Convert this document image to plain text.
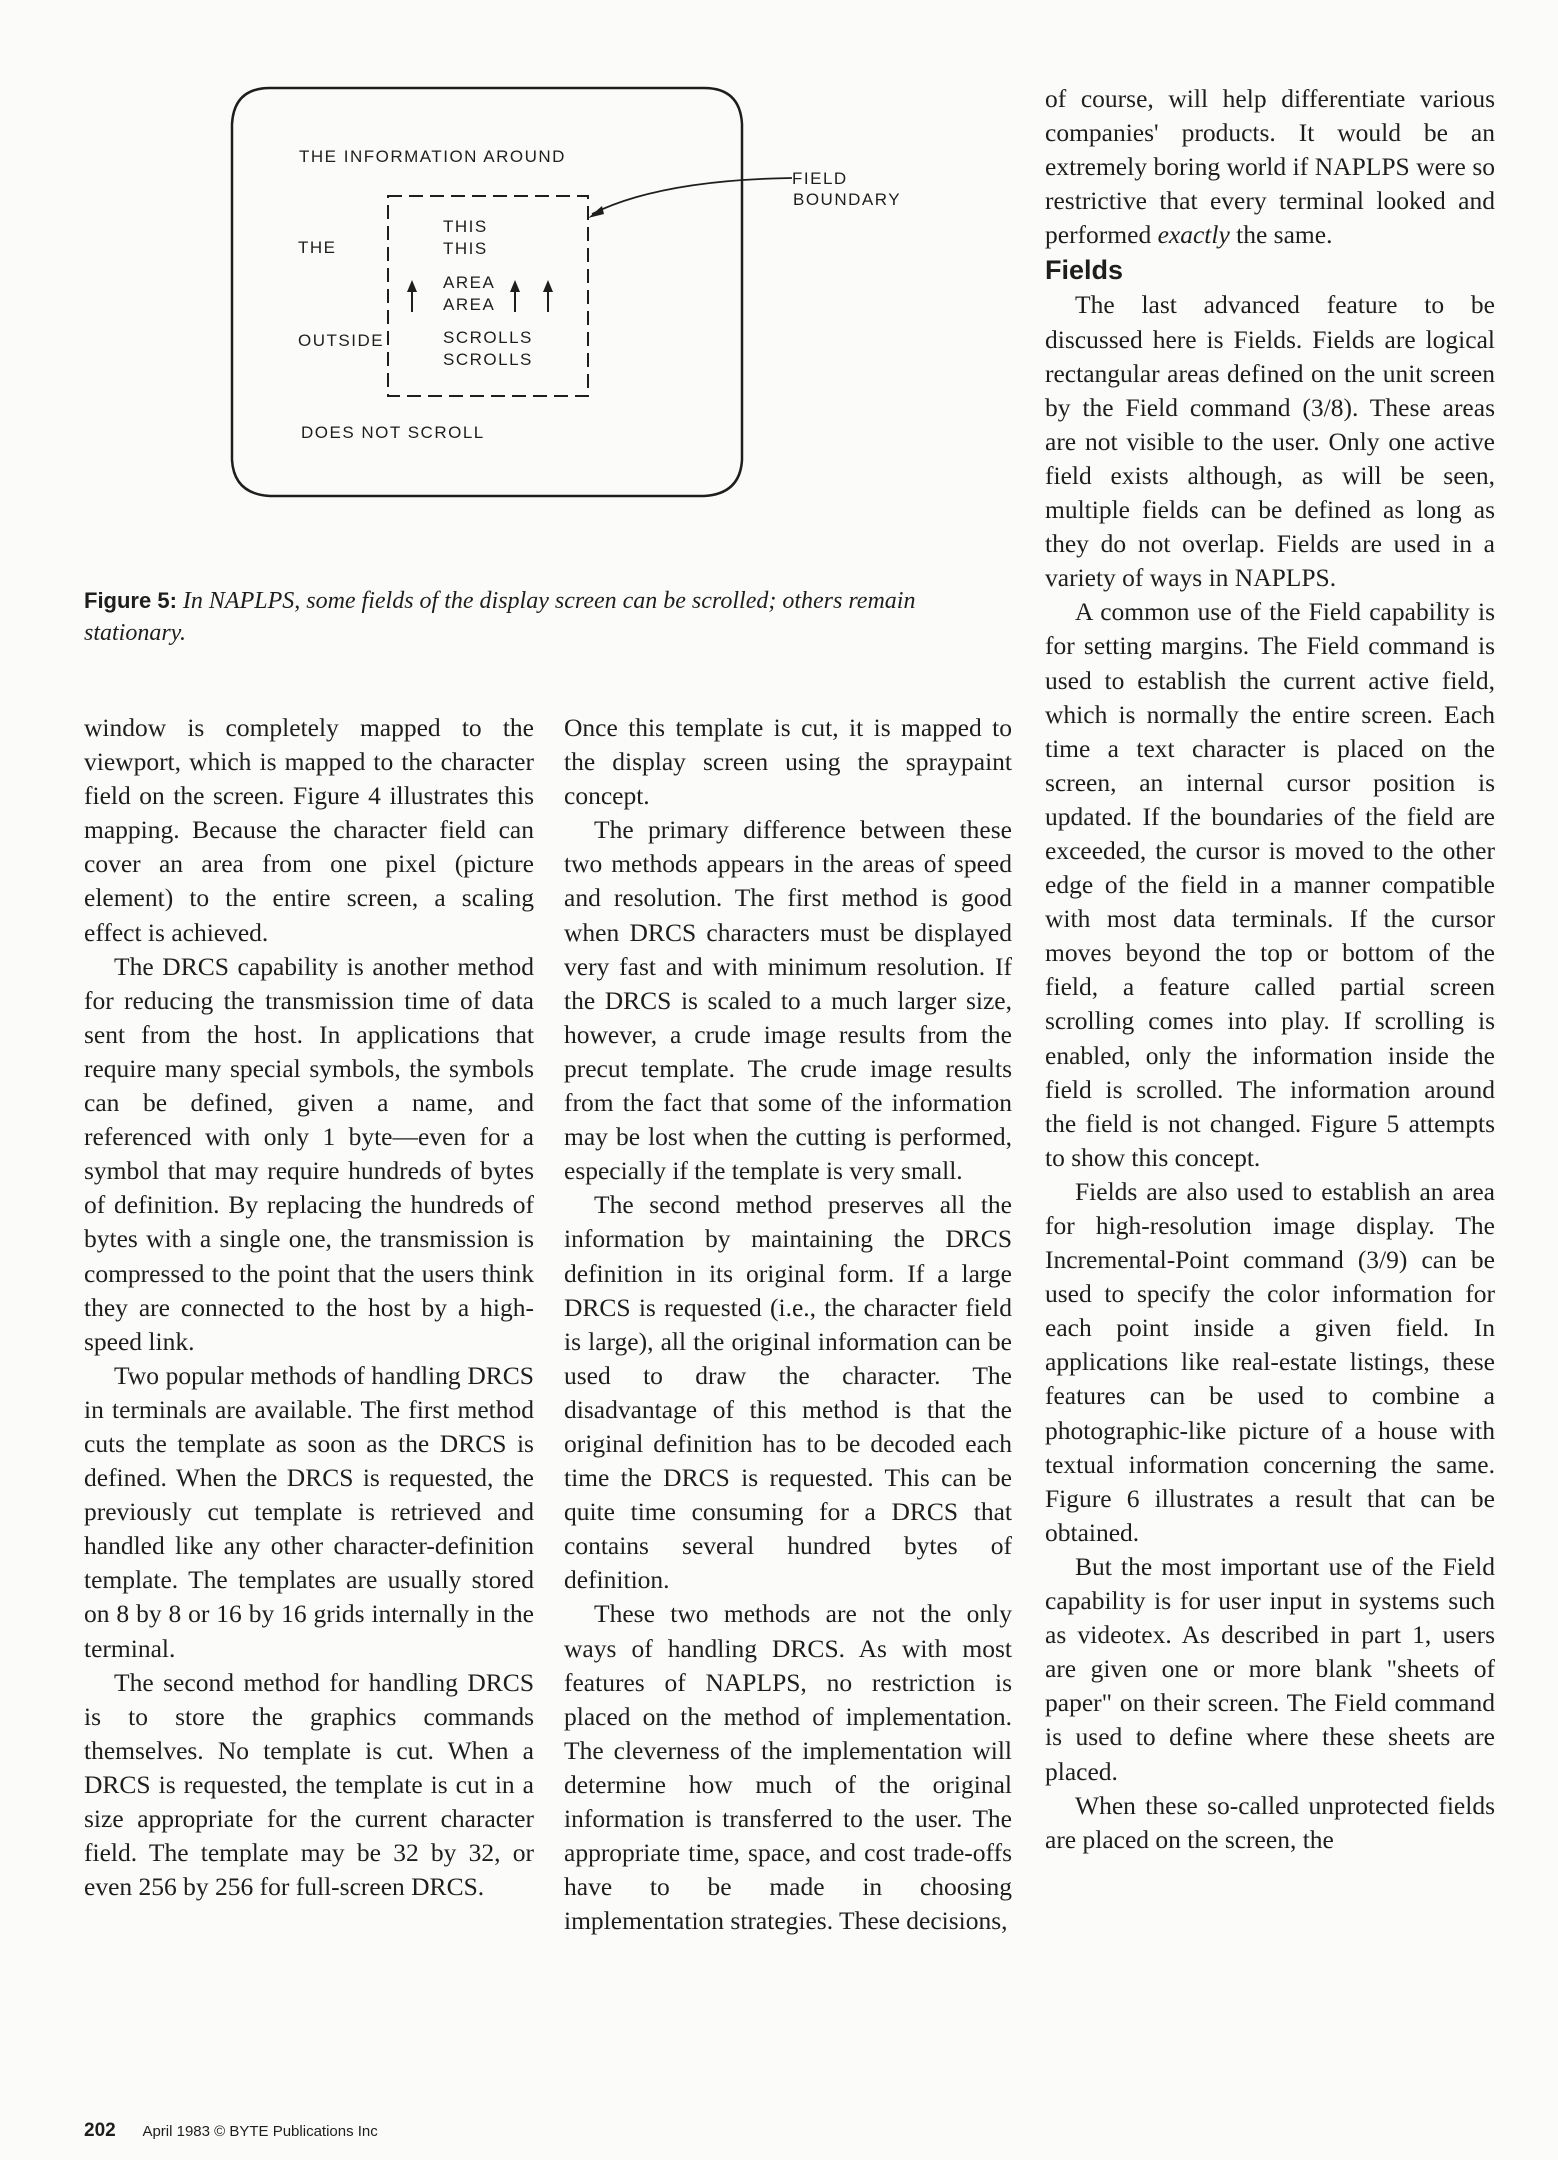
THE INFORMATION AROUND
THE
OUTSIDE
DOES NOT SCROLL
THIS
THIS
AREA
AREA
SCROLLS
SCROLLS
FIELD
BOUNDARY
Figure 5: In NAPLPS, some fields of the display screen can be scrolled; others remain stationary.

window is completely mapped to the viewport, which is mapped to the character field on the screen. Figure 4 illustrates this mapping. Because the character field can cover an area from one pixel (picture element) to the entire screen, a scaling effect is achieved.

The DRCS capability is another method for reducing the transmission time of data sent from the host. In applications that require many special symbols, the symbols can be defined, given a name, and referenced with only 1 byte—even for a symbol that may require hundreds of bytes of definition. By replacing the hundreds of bytes with a single one, the transmission is compressed to the point that the users think they are connected to the host by a high-speed link.

Two popular methods of handling DRCS in terminals are available. The first method cuts the template as soon as the DRCS is defined. When the DRCS is requested, the previously cut template is retrieved and handled like any other character-definition template. The templates are usually stored on 8 by 8 or 16 by 16 grids internally in the terminal.

The second method for handling DRCS is to store the graphics commands themselves. No template is cut. When a DRCS is requested, the template is cut in a size appropriate for the current character field. The template may be 32 by 32, or even 256 by 256 for full-screen DRCS.

Once this template is cut, it is mapped to the display screen using the spraypaint concept.

The primary difference between these two methods appears in the areas of speed and resolution. The first method is good when DRCS characters must be displayed very fast and with minimum resolution. If the DRCS is scaled to a much larger size, however, a crude image results from the precut template. The crude image results from the fact that some of the information may be lost when the cutting is performed, especially if the template is very small.

The second method preserves all the information by maintaining the DRCS definition in its original form. If a large DRCS is requested (i.e., the character field is large), all the original information can be used to draw the character. The disadvantage of this method is that the original definition has to be decoded each time the DRCS is requested. This can be quite time consuming for a DRCS that contains several hundred bytes of definition.

These two methods are not the only ways of handling DRCS. As with most features of NAPLPS, no restriction is placed on the method of implementation. The cleverness of the implementation will determine how much of the original information is transferred to the user. The appropriate time, space, and cost trade-offs have to be made in choosing implementation strategies. These decisions,

of course, will help differentiate various companies' products. It would be an extremely boring world if NAPLPS were so restrictive that every terminal looked and performed exactly the same.

Fields

The last advanced feature to be discussed here is Fields. Fields are logical rectangular areas defined on the unit screen by the Field command (3/8). These areas are not visible to the user. Only one active field exists although, as will be seen, multiple fields can be defined as long as they do not overlap. Fields are used in a variety of ways in NAPLPS.

A common use of the Field capability is for setting margins. The Field command is used to establish the current active field, which is normally the entire screen. Each time a text character is placed on the screen, an internal cursor position is updated. If the boundaries of the field are exceeded, the cursor is moved to the other edge of the field in a manner compatible with most data terminals. If the cursor moves beyond the top or bottom of the field, a feature called partial screen scrolling comes into play. If scrolling is enabled, only the information inside the field is scrolled. The information around the field is not changed. Figure 5 attempts to show this concept.

Fields are also used to establish an area for high-resolution image display. The Incremental-Point command (3/9) can be used to specify the color information for each point inside a given field. In applications like real-estate listings, these features can be used to combine a photographic-like picture of a house with textual information concerning the same. Figure 6 illustrates a result that can be obtained.

But the most important use of the Field capability is for user input in systems such as videotex. As described in part 1, users are given one or more blank "sheets of paper" on their screen. The Field command is used to define where these sheets are placed.

When these so-called unprotected fields are placed on the screen, the

202 April 1983 © BYTE Publications Inc
